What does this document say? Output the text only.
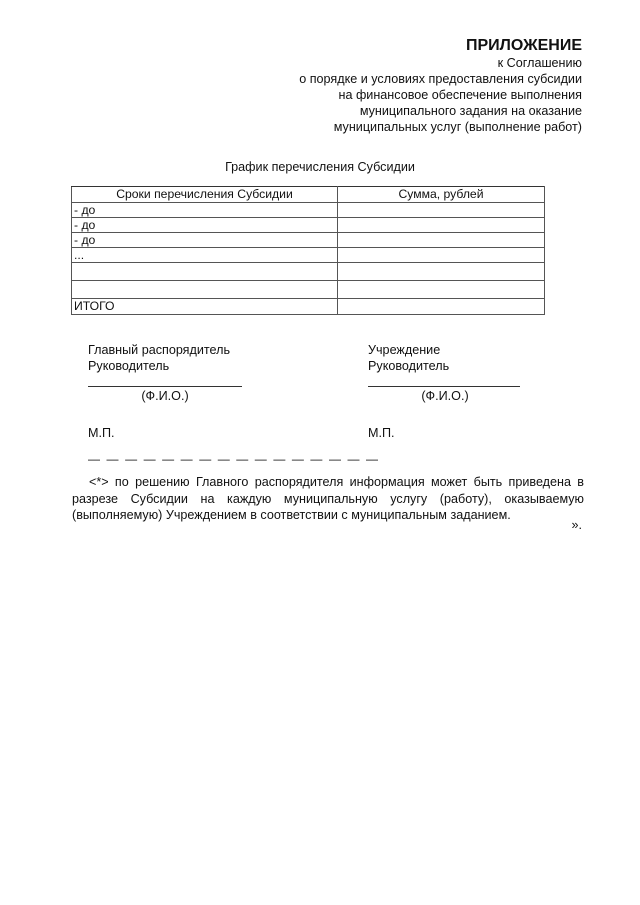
ПРИЛОЖЕНИЕ
к Соглашению
о порядке и условиях предоставления субсидии
на финансовое обеспечение выполнения
муниципального задания на оказание
муниципальных услуг (выполнение работ)
График перечисления Субсидии
Сроки перечисления Субсидии	Сумма, рублей
- до	
- до	
- до	
...	

ИТОГО	
Главный распорядитель
Руководитель
(Ф.И.О.)
М.П.
Учреждение
Руководитель
(Ф.И.О.)
М.П.
— — — — — — — — — — — — — — — —
<*> по решению Главного распорядителя информация может быть приведена в разрезе Субсидии на каждую муниципальную услугу (работу), оказываемую (выполняемую) Учреждением в соответствии с муниципальным заданием.
».
